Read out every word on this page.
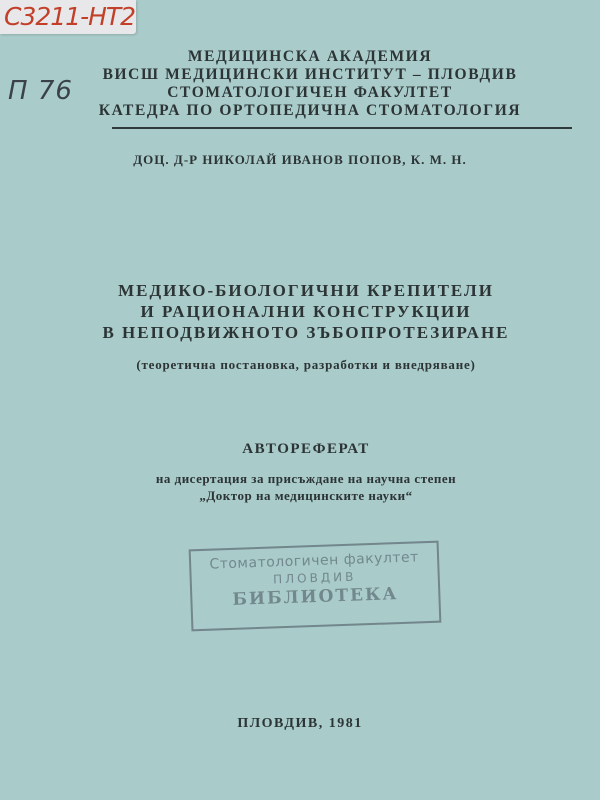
С3211-НТ2
П 76
МЕДИЦИНСКА АКАДЕМИЯ
ВИСШ МЕДИЦИНСКИ ИНСТИТУТ – ПЛОВДИВ
СТОМАТОЛОГИЧЕН ФАКУЛТЕТ
КАТЕДРА ПО ОРТОПЕДИЧНА СТОМАТОЛОГИЯ
ДОЦ. Д-Р НИКОЛАЙ ИВАНОВ ПОПОВ, К. М. Н.
МЕДИКО-БИОЛОГИЧНИ КРЕПИТЕЛИ
И РАЦИОНАЛНИ КОНСТРУКЦИИ
В НЕПОДВИЖНОТО ЗЪБОПРОТЕЗИРАНЕ
(теоретична постановка, разработки и внедряване)
АВТОРЕФЕРАТ
на дисертация за присъждане на научна степен
„Доктор на медицинските науки“
Стоматологичен факултет
ПЛОВДИВ
БИБЛИОТЕКА
ПЛОВДИВ, 1981
